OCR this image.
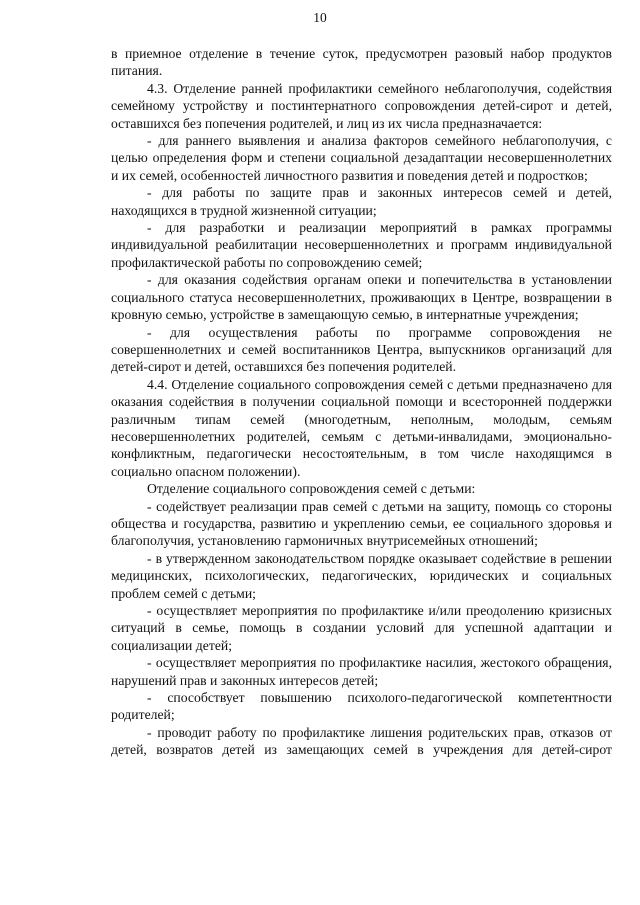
10

в приемное отделение в течение суток, предусмотрен разовый набор продуктов питания.

4.3. Отделение ранней профилактики семейного неблагополучия, содействия семейному устройству и постинтернатного сопровождения детей-сирот и детей, оставшихся без попечения родителей, и лиц из их числа предназначается:

- для раннего выявления и анализа факторов семейного неблагополучия, с целью определения форм и степени социальной дезадаптации несовершеннолетних и их семей, особенностей личностного развития и поведения детей и подростков;

- для работы по защите прав и законных интересов семей и детей, находящихся в трудной жизненной ситуации;

- для разработки и реализации мероприятий в рамках программы индивидуальной реабилитации несовершеннолетних и программ индивидуальной профилактической работы по сопровождению семей;

- для оказания содействия органам опеки и попечительства в установлении социального статуса несовершеннолетних, проживающих в Центре, возвращении в кровную семью, устройстве в замещающую семью, в интернатные учреждения;

- для осуществления работы по программе сопровождения не совершеннолетних и семей воспитанников Центра, выпускников организаций для детей-сирот и детей, оставшихся без попечения родителей.

4.4. Отделение социального сопровождения семей с детьми предназначено для оказания содействия в получении социальной помощи и всесторонней поддержки различным типам семей (многодетным, неполным, молодым, семьям несовершеннолетних родителей, семьям с детьми-инвалидами, эмоционально-конфликтным, педагогически несостоятельным, в том числе находящимся в социально опасном положении).

Отделение социального сопровождения семей с детьми:

- содействует реализации прав семей с детьми на защиту, помощь со стороны общества и государства, развитию и укреплению семьи, ее социального здоровья и благополучия, установлению гармоничных внутрисемейных отношений;

- в утвержденном законодательством порядке оказывает содействие в решении медицинских, психологических, педагогических, юридических и социальных проблем семей с детьми;

- осуществляет мероприятия по профилактике и/или преодолению кризисных ситуаций в семье, помощь в создании условий для успешной адаптации и социализации детей;

- осуществляет мероприятия по профилактике насилия, жестокого обращения, нарушений прав и законных интересов детей;

- способствует повышению психолого-педагогической компетентности родителей;

- проводит работу по профилактике лишения родительских прав, отказов от детей, возвратов детей из замещающих семей в учреждения для детей-сирот
